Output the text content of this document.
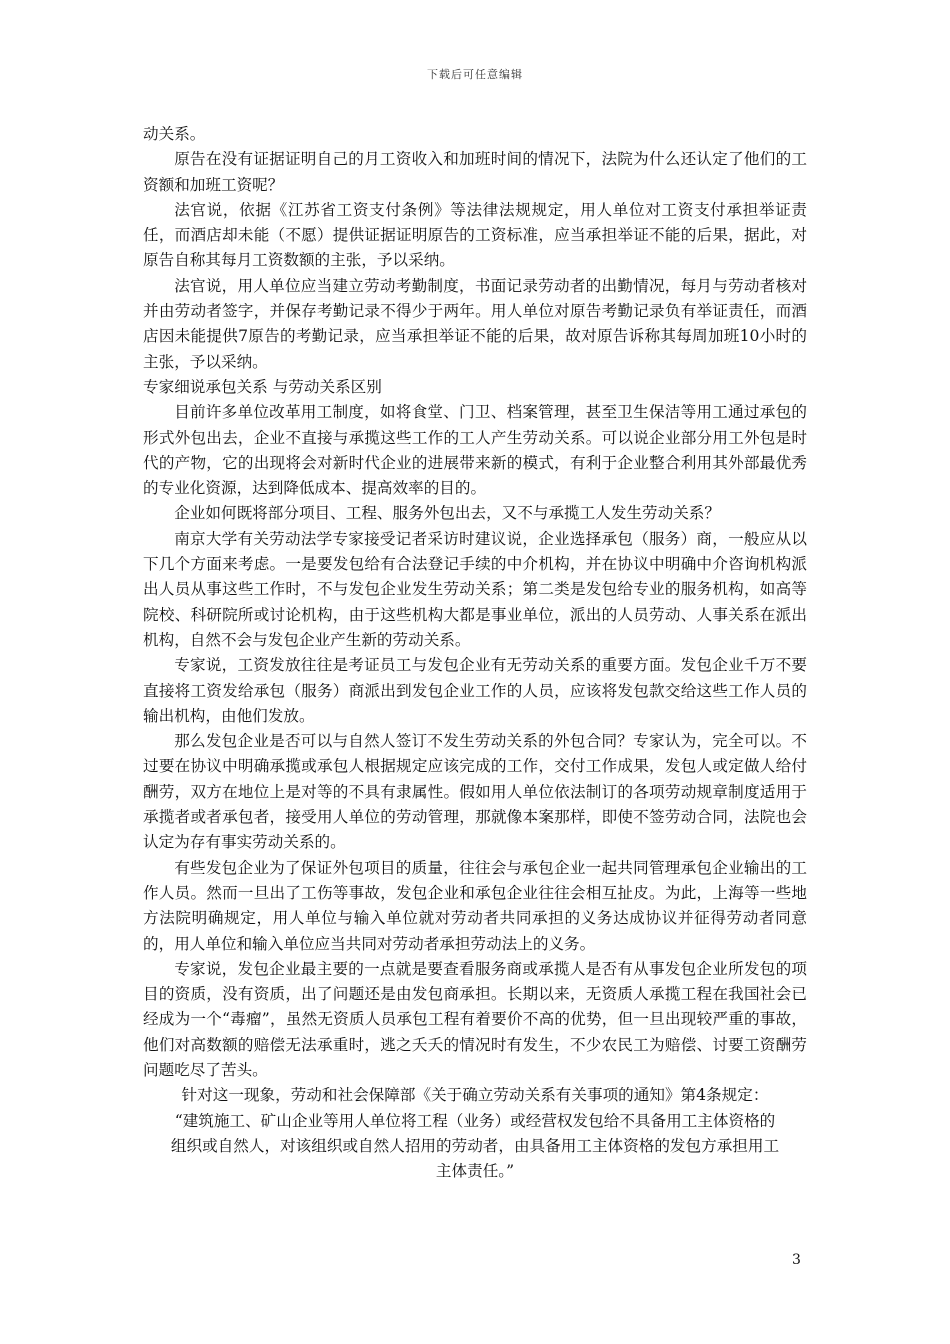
下载后可任意编辑

动关系。

原告在没有证据证明自己的月工资收入和加班时间的情况下，法院为什么还认定了他们的工资额和加班工资呢？

法官说，依据《江苏省工资支付条例》等法律法规规定，用人单位对工资支付承担举证责任，而酒店却未能（不愿）提供证据证明原告的工资标准，应当承担举证不能的后果，据此，对原告自称其每月工资数额的主张，予以采纳。

法官说，用人单位应当建立劳动考勤制度，书面记录劳动者的出勤情况，每月与劳动者核对并由劳动者签字，并保存考勤记录不得少于两年。用人单位对原告考勤记录负有举证责任，而酒店因未能提供7原告的考勤记录，应当承担举证不能的后果，故对原告诉称其每周加班10小时的主张，予以采纳。

专家细说承包关系 与劳动关系区别

目前许多单位改革用工制度，如将食堂、门卫、档案管理，甚至卫生保洁等用工通过承包的形式外包出去，企业不直接与承揽这些工作的工人产生劳动关系。可以说企业部分用工外包是时代的产物，它的出现将会对新时代企业的进展带来新的模式，有利于企业整合利用其外部最优秀的专业化资源，达到降低成本、提高效率的目的。

企业如何既将部分项目、工程、服务外包出去，又不与承揽工人发生劳动关系？

南京大学有关劳动法学专家接受记者采访时建议说，企业选择承包（服务）商，一般应从以下几个方面来考虑。一是要发包给有合法登记手续的中介机构，并在协议中明确中介咨询机构派出人员从事这些工作时，不与发包企业发生劳动关系；第二类是发包给专业的服务机构，如高等院校、科研院所或讨论机构，由于这些机构大都是事业单位，派出的人员劳动、人事关系在派出机构，自然不会与发包企业产生新的劳动关系。

专家说，工资发放往往是考证员工与发包企业有无劳动关系的重要方面。发包企业千万不要直接将工资发给承包（服务）商派出到发包企业工作的人员，应该将发包款交给这些工作人员的输出机构，由他们发放。

那么发包企业是否可以与自然人签订不发生劳动关系的外包合同？专家认为，完全可以。不过要在协议中明确承揽或承包人根据规定应该完成的工作，交付工作成果，发包人或定做人给付酬劳，双方在地位上是对等的不具有隶属性。假如用人单位依法制订的各项劳动规章制度适用于承揽者或者承包者，接受用人单位的劳动管理，那就像本案那样，即使不签劳动合同，法院也会认定为存有事实劳动关系的。

有些发包企业为了保证外包项目的质量，往往会与承包企业一起共同管理承包企业输出的工作人员。然而一旦出了工伤等事故，发包企业和承包企业往往会相互扯皮。为此，上海等一些地方法院明确规定，用人单位与输入单位就对劳动者共同承担的义务达成协议并征得劳动者同意的，用人单位和输入单位应当共同对劳动者承担劳动法上的义务。

专家说，发包企业最主要的一点就是要查看服务商或承揽人是否有从事发包企业所发包的项目的资质，没有资质，出了问题还是由发包商承担。长期以来，无资质人承揽工程在我国社会已经成为一个“毒瘤”，虽然无资质人员承包工程有着要价不高的优势，但一旦出现较严重的事故，他们对高数额的赔偿无法承重时，逃之夭夭的情况时有发生，不少农民工为赔偿、讨要工资酬劳问题吃尽了苦头。

针对这一现象，劳动和社会保障部《关于确立劳动关系有关事项的通知》第4条规定：

“建筑施工、矿山企业等用人单位将工程（业务）或经营权发包给不具备用工主体资格的

组织或自然人，对该组织或自然人招用的劳动者，由具备用工主体资格的发包方承担用工

主体责任。”

3
